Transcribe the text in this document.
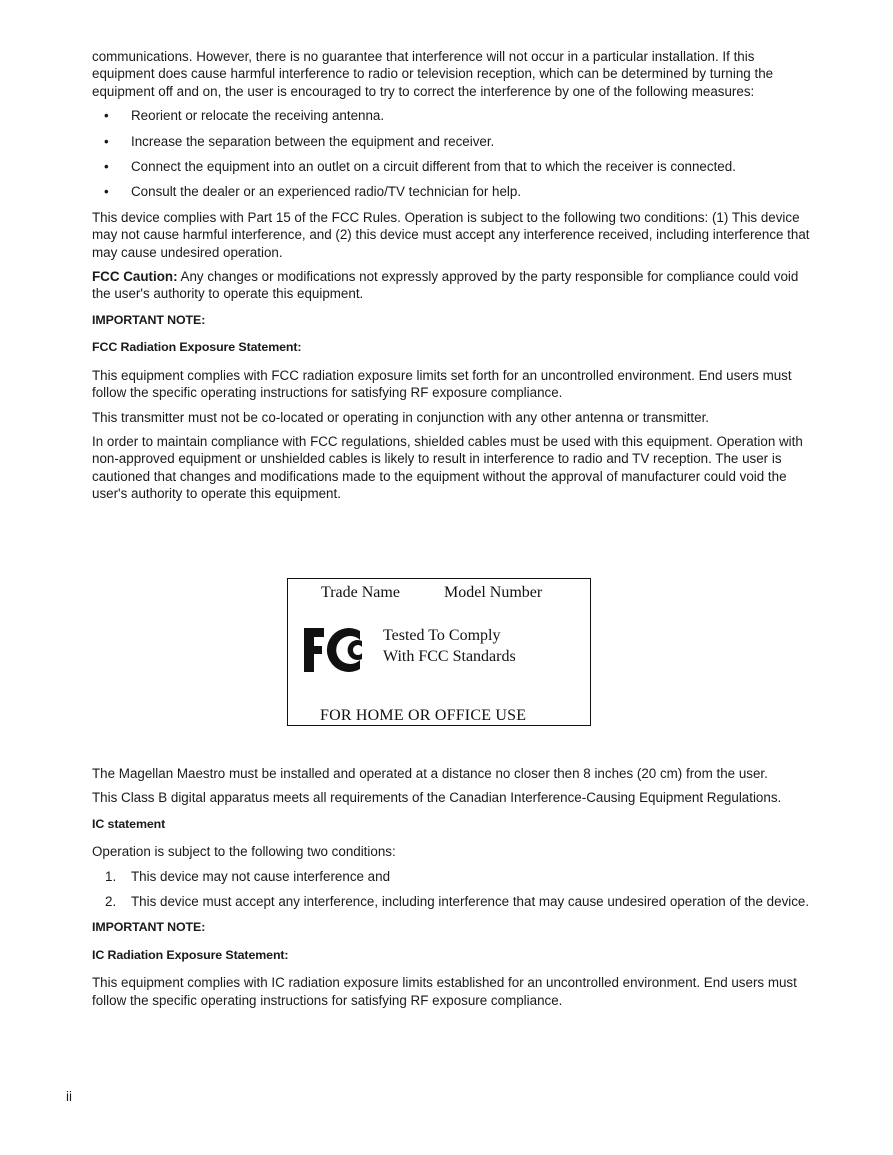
communications. However, there is no guarantee that interference will not occur in a particular installation. If this equipment does cause harmful interference to radio or television reception, which can be determined by turning the equipment off and on, the user is encouraged to try to correct the interference by one of the following measures:

• Reorient or relocate the receiving antenna.
• Increase the separation between the equipment and receiver.
• Connect the equipment into an outlet on a circuit different from that to which the receiver is connected.
• Consult the dealer or an experienced radio/TV technician for help.

This device complies with Part 15 of the FCC Rules. Operation is subject to the following two conditions: (1) This device may not cause harmful interference, and (2) this device must accept any interference received, including interference that may cause undesired operation.

FCC Caution: Any changes or modifications not expressly approved by the party responsible for compliance could void the user's authority to operate this equipment.

IMPORTANT NOTE:
FCC Radiation Exposure Statement:

This equipment complies with FCC radiation exposure limits set forth for an uncontrolled environment. End users must follow the specific operating instructions for satisfying RF exposure compliance.

This transmitter must not be co-located or operating in conjunction with any other antenna or transmitter.

In order to maintain compliance with FCC regulations, shielded cables must be used with this equipment. Operation with non-approved equipment or unshielded cables is likely to result in interference to radio and TV reception. The user is cautioned that changes and modifications made to the equipment without the approval of manufacturer could void the user's authority to operate this equipment.

Trade Name	Model Number
Tested To Comply
With FCC Standards
FOR HOME OR OFFICE USE

The Magellan Maestro must be installed and operated at a distance no closer then 8 inches (20 cm) from the user.

This Class B digital apparatus meets all requirements of the Canadian Interference-Causing Equipment Regulations.

IC statement

Operation is subject to the following two conditions:

1. This device may not cause interference and
2. This device must accept any interference, including interference that may cause undesired operation of the device.
IMPORTANT NOTE:
IC Radiation Exposure Statement:

This equipment complies with IC radiation exposure limits established for an uncontrolled environment. End users must follow the specific operating instructions for satisfying RF exposure compliance.

ii
